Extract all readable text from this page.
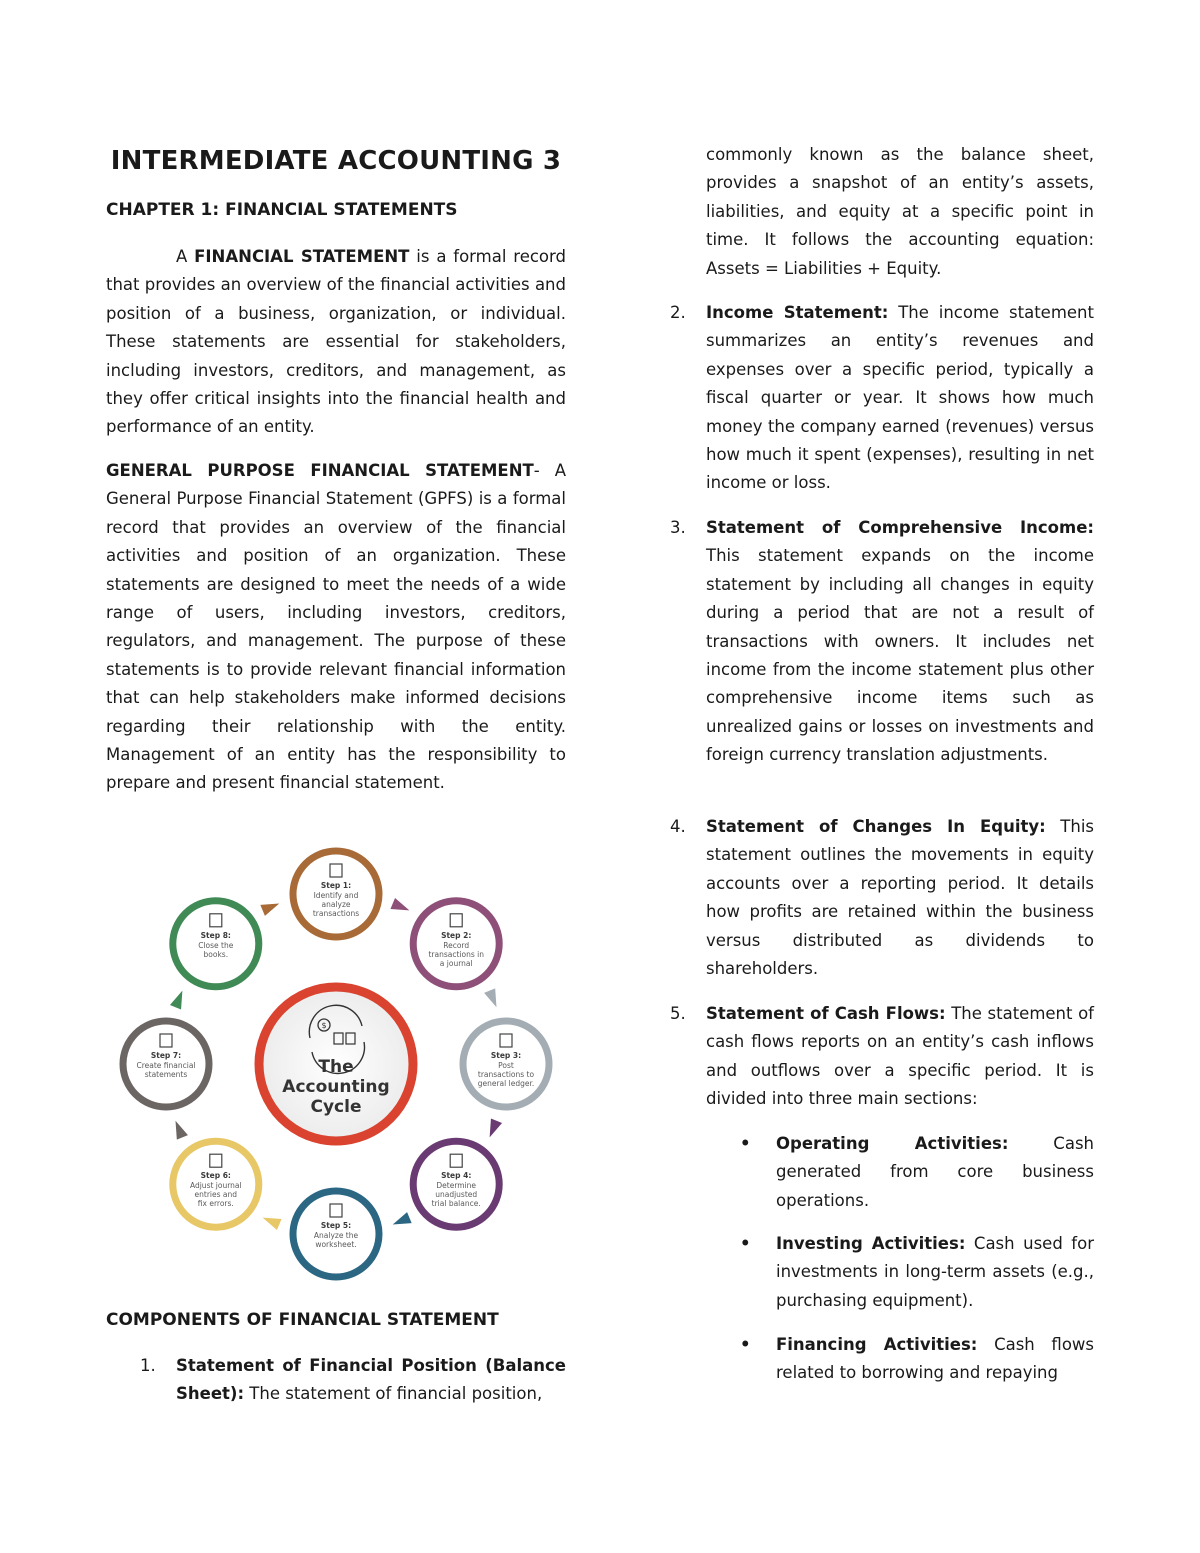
INTERMEDIATE ACCOUNTING 3
CHAPTER 1: FINANCIAL STATEMENTS
A FINANCIAL STATEMENT is a formal record that provides an overview of the financial activities and position of a business, organization, or individual. These statements are essential for stakeholders, including investors, creditors, and management, as they offer critical insights into the financial health and performance of an entity.
GENERAL PURPOSE FINANCIAL STATEMENT- A General Purpose Financial Statement (GPFS) is a formal record that provides an overview of the financial activities and position of an organization. These statements are designed to meet the needs of a wide range of users, including investors, creditors, regulators, and management. The purpose of these statements is to provide relevant financial information that can help stakeholders make informed decisions regarding their relationship with the entity. Management of an entity has the responsibility to prepare and present financial statement.
$
The
Accounting
Cycle
Step 1:
Identify and
analyze
transactions
Step 2:
Record
transactions in
a journal
Step 3:
Post
transactions to
general ledger.
Step 4:
Determine
unadjusted
trial balance.
Step 5:
Analyze the
worksheet.
Step 6:
Adjust journal
entries and
fix errors.
Step 7:
Create financial
statements
Step 8:
Close the
books.
COMPONENTS OF FINANCIAL STATEMENT
1. Statement of Financial Position (Balance Sheet): The statement of financial position,
commonly known as the balance sheet, provides a snapshot of an entity’s assets, liabilities, and equity at a specific point in time. It follows the accounting equation: Assets = Liabilities + Equity.
2. Income Statement: The income statement summarizes an entity’s revenues and expenses over a specific period, typically a fiscal quarter or year. It shows how much money the company earned (revenues) versus how much it spent (expenses), resulting in net income or loss.
3. Statement of Comprehensive Income: This statement expands on the income statement by including all changes in equity during a period that are not a result of transactions with owners. It includes net income from the income statement plus other comprehensive income items such as unrealized gains or losses on investments and foreign currency translation adjustments.
4. Statement of Changes In Equity: This statement outlines the movements in equity accounts over a reporting period. It details how profits are retained within the business versus distributed as dividends to shareholders.
5. Statement of Cash Flows: The statement of cash flows reports on an entity’s cash inflows and outflows over a specific period. It is divided into three main sections:
• Operating Activities: Cash generated from core business operations.
• Investing Activities: Cash used for investments in long-term assets (e.g., purchasing equipment).
• Financing Activities: Cash flows related to borrowing and repaying
